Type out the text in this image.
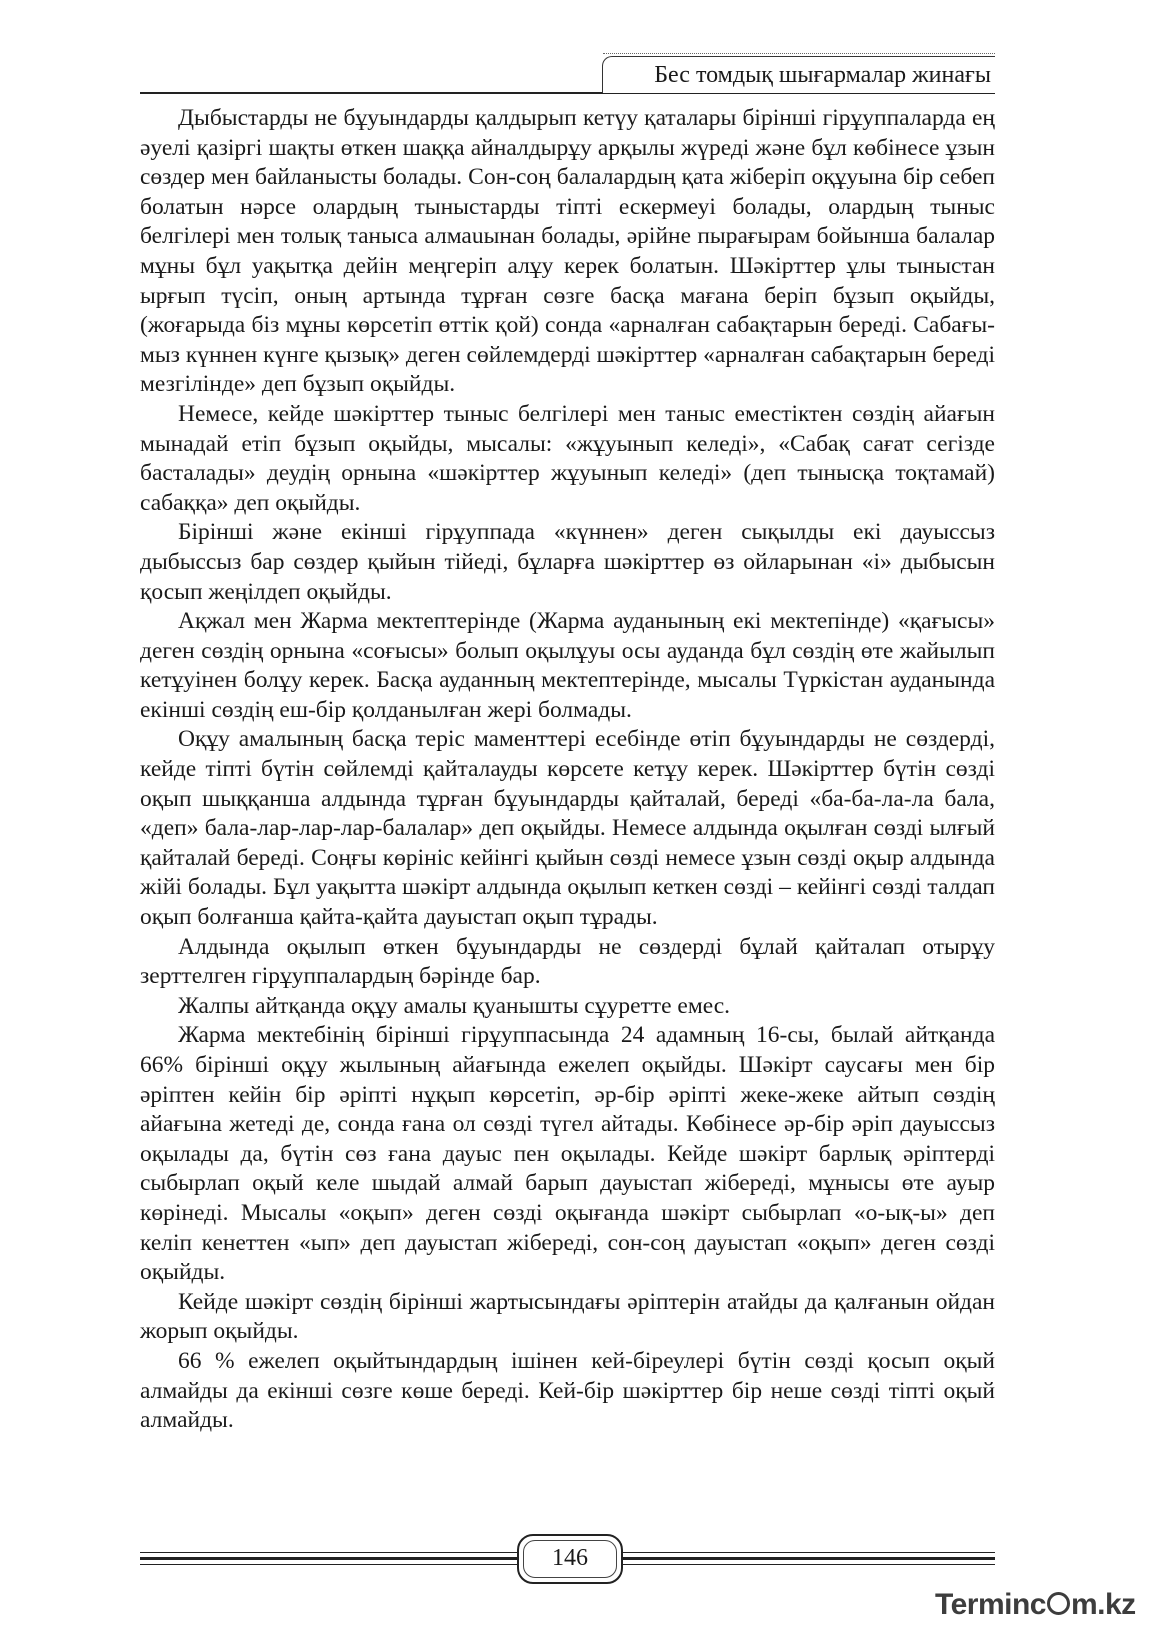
Бес томдық шығармалар жинағы

Дыбыстарды не бұуындарды қалдырып кетүу қаталары бірінші гірұуппаларда ең әуелі қазіргі шақты өткен шаққа айналдырұу арқылы жүреді және бұл көбінесе ұзын сөздер мен байланысты болады. Сон-соң балалардың қата жіберіп оқұуына бір себеп болатын нәрсе олардың тыныстарды тіпті ескермеуі болады, олардың тыныс белгілері мен толық таныса алмаuынан болады, әрійне пырағырам бойынша балалар мұны бұл уақытқа дейін меңгеріп алұу керек болатын. Шәкірттер ұлы тыныстан ырғып түсіп, оның артында тұрған сөзге басқа мағана беріп бұзып оқыйды, (жоғарыда біз мұны көрсетіп өттік қой) сонда «арналған сабақтарын береді. Сабағымыз күннен күнге қызық» деген сөйлемдерді шәкірттер «арналған сабақтарын береді мезгілінде» деп бұзып оқыйды.

Немесе, кейде шәкірттер тыныс белгілері мен таныс еместіктен сөздің айағын мынадай етіп бұзып оқыйды, мысалы: «жұуынып келеді», «Сабақ сағат сегізде басталады» деудің орнына «шәкірттер жұуынып келеді» (деп тынысқа тоқтамай) сабаққа» деп оқыйды.

Бірінші және екінші гірұуппада «күннен» деген сықылды екі дауыссыз дыбыссыз бар сөздер қыйын тійеді, бұларға шәкірттер өз ойларынан «і» дыбысын қосып жеңілдеп оқыйды.

Ақжал мен Жарма мектептерінде (Жарма ауданының екі мектепінде) «қағысы» деген сөздің орнына «соғысы» болып оқылұуы осы ауданда бұл сөздің өте жайылып кетұуінен болұу керек. Басқа ауданның мектептерінде, мысалы Түркістан ауданында екінші сөздің еш-бір қолданылған жері болмады.

Оқұу амалының басқа теріс маменттері есебінде өтіп бұуындарды не сөздерді, кейде тіпті бүтін сөйлемді қайталауды көрсете кетұу керек. Шәкірттер бүтін сөзді оқып шыққанша алдында тұрған бұуындарды қайталай, береді «ба-ба-ла-ла бала, «деп» бала-лар-лар-лар-балалар» деп оқыйды. Немесе алдында оқылған сөзді ылғый қайталай береді. Соңғы көрініс кейінгі қыйын сөзді немесе ұзын сөзді оқыр алдында жійі болады. Бұл уақытта шәкірт алдында оқылып кеткен сөзді – кейінгі сөзді талдап оқып болғанша қайта-қайта дауыстап оқып тұрады.

Алдында оқылып өткен бұуындарды не сөздерді бұлай қайталап отырұу зерттелген гірұуппалардың бәрінде бар.

Жалпы айтқанда оқұу амалы қуанышты сұуретте емес.

Жарма мектебінің бірінші гірұуппасында 24 адамның 16-сы, былай айтқанда 66% бірінші оқұу жылының айағында ежелеп оқыйды. Шәкірт саусағы мен бір әріптен кейін бір әріпті нұқып көрсетіп, әр-бір әріпті жеке-жеке айтып сөздің айағына жетеді де, сонда ғана ол сөзді түгел айтады. Көбінесе әр-бір әріп дауыссыз оқылады да, бүтін сөз ғана дауыс пен оқылады. Кейде шәкірт барлық әріптерді сыбырлап оқый келе шыдай алмай барып дауыстап жібереді, мұнысы өте ауыр көрінеді. Мысалы «оқып» деген сөзді оқығанда шәкірт сыбырлап «о-ық-ы» деп келіп кенеттен «ып» деп дауыстап жібереді, сон-соң дауыстап «оқып» деген сөзді оқыйды.

Кейде шәкірт сөздің бірінші жартысындағы әріптерін атайды да қалғанын ойдан жорып оқыйды.

66 % ежелеп оқыйтындардың ішінен кей-біреулері бүтін сөзді қосып оқый алмайды да екінші сөзге көше береді. Кей-бір шәкірттер бір неше сөзді тіпті оқый алмайды.

146
Terminc m.kz
